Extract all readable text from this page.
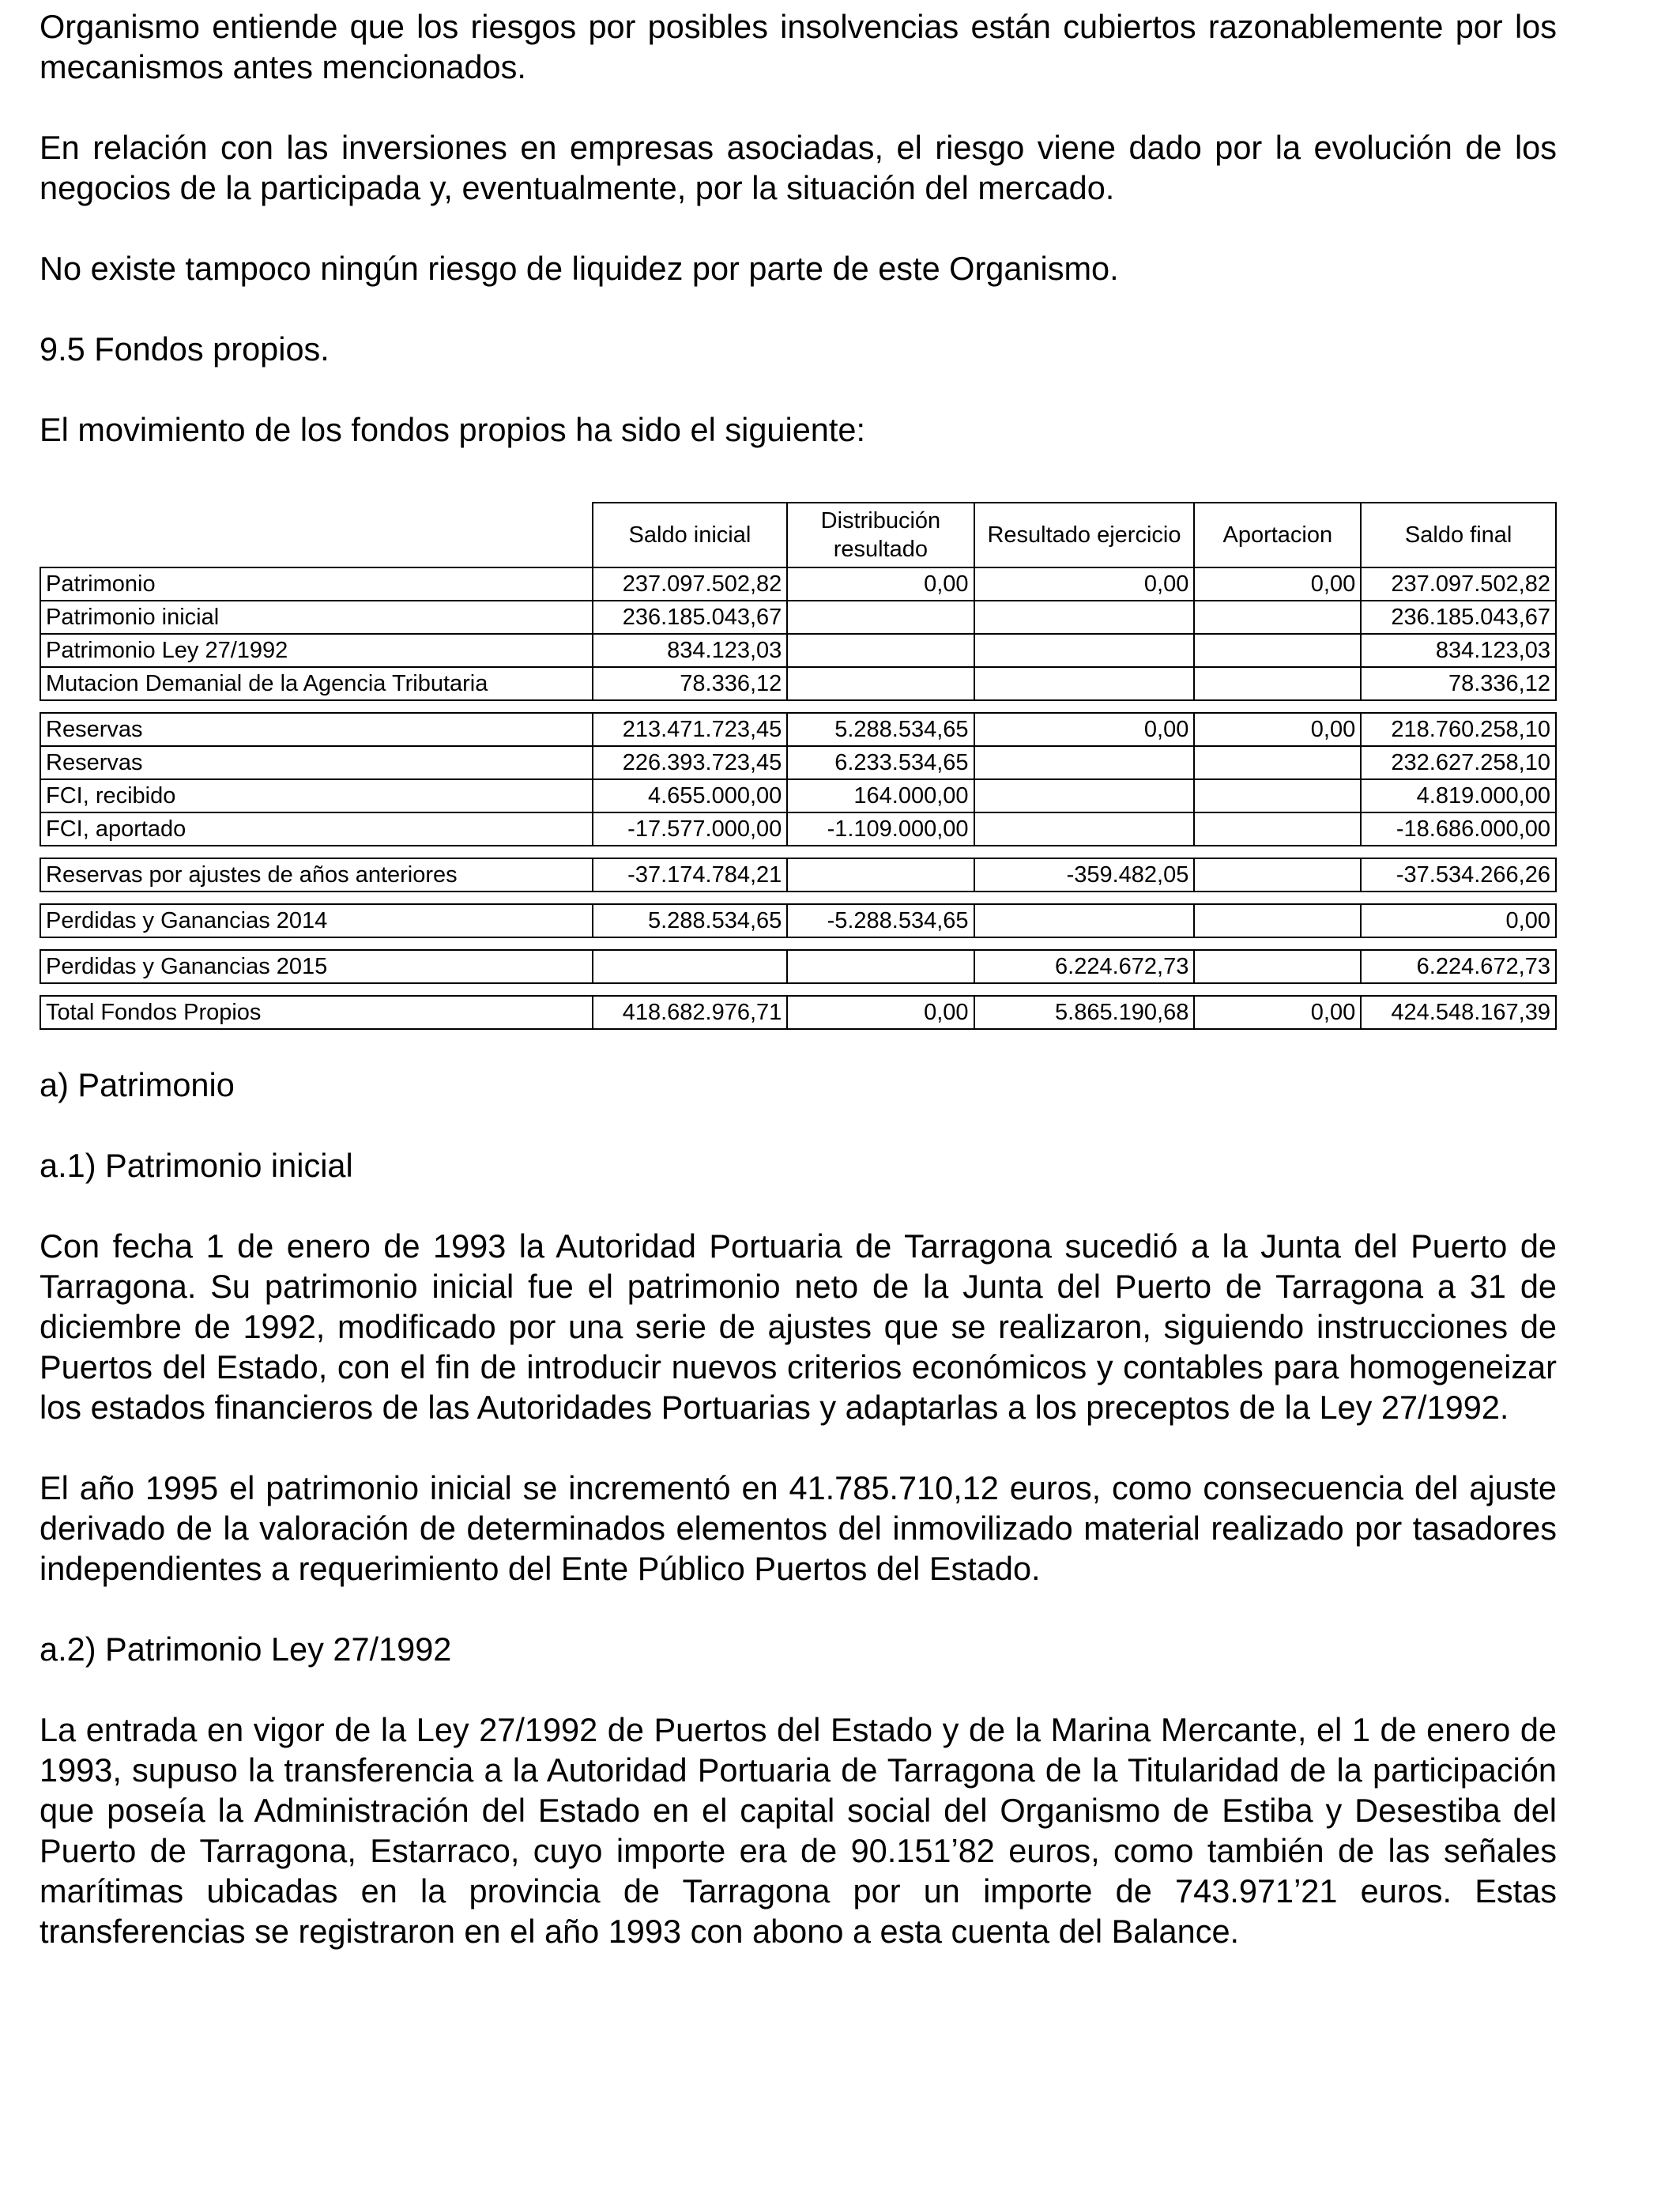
Organismo entiende que los riesgos por posibles insolvencias están cubiertos razonablemente por los mecanismos antes mencionados.

En relación con las inversiones en empresas asociadas, el riesgo viene dado por la evolución de los negocios de la participada y, eventualmente, por la situación del mercado.

No existe tampoco ningún riesgo de liquidez por parte de este Organismo.

9.5 Fondos propios.

El movimiento de los fondos propios ha sido el siguiente:

	Saldo inicial	Distribución
resultado	Resultado ejercicio	Aportacion	Saldo final
Patrimonio	237.097.502,82	0,00	0,00	0,00	237.097.502,82
Patrimonio inicial	236.185.043,67				236.185.043,67
Patrimonio Ley 27/1992	834.123,03				834.123,03
Mutacion Demanial de la Agencia Tributaria	78.336,12				78.336,12

Reservas	213.471.723,45	5.288.534,65	0,00	0,00	218.760.258,10
Reservas	226.393.723,45	6.233.534,65			232.627.258,10
FCI, recibido	4.655.000,00	164.000,00			4.819.000,00
FCI, aportado	-17.577.000,00	-1.109.000,00			-18.686.000,00

Reservas por ajustes de años anteriores	-37.174.784,21		-359.482,05		-37.534.266,26

Perdidas y Ganancias 2014	5.288.534,65	-5.288.534,65			0,00

Perdidas y Ganancias 2015			6.224.672,73		6.224.672,73

Total Fondos Propios	418.682.976,71	0,00	5.865.190,68	0,00	424.548.167,39

a) Patrimonio

a.1) Patrimonio inicial

Con fecha 1 de enero de 1993 la Autoridad Portuaria de Tarragona sucedió a la Junta del Puerto de Tarragona. Su patrimonio inicial fue el patrimonio neto de la Junta del Puerto de Tarragona a 31 de diciembre de 1992, modificado por una serie de ajustes que se realizaron, siguiendo instrucciones de Puertos del Estado, con el fin de introducir nuevos criterios económicos y contables para homogeneizar los estados financieros de las Autoridades Portuarias y adaptarlas a los preceptos de la Ley 27/1992.

El año 1995 el patrimonio inicial se incrementó en 41.785.710,12 euros, como consecuencia del ajuste derivado de la valoración de determinados elementos del inmovilizado material realizado por tasadores independientes a requerimiento del Ente Público Puertos del Estado.

a.2) Patrimonio Ley 27/1992

La entrada en vigor de la Ley 27/1992 de Puertos del Estado y de la Marina Mercante, el 1 de enero de 1993, supuso la transferencia a la Autoridad Portuaria de Tarragona de la Titularidad de la participación que poseía la Administración del Estado en el capital social del Organismo de Estiba y Desestiba del Puerto de Tarragona, Estarraco, cuyo importe era de 90.151’82 euros, como también de las señales marítimas ubicadas en la provincia de Tarragona por un importe de 743.971’21 euros. Estas transferencias se registraron en el año 1993 con abono a esta cuenta del Balance.
